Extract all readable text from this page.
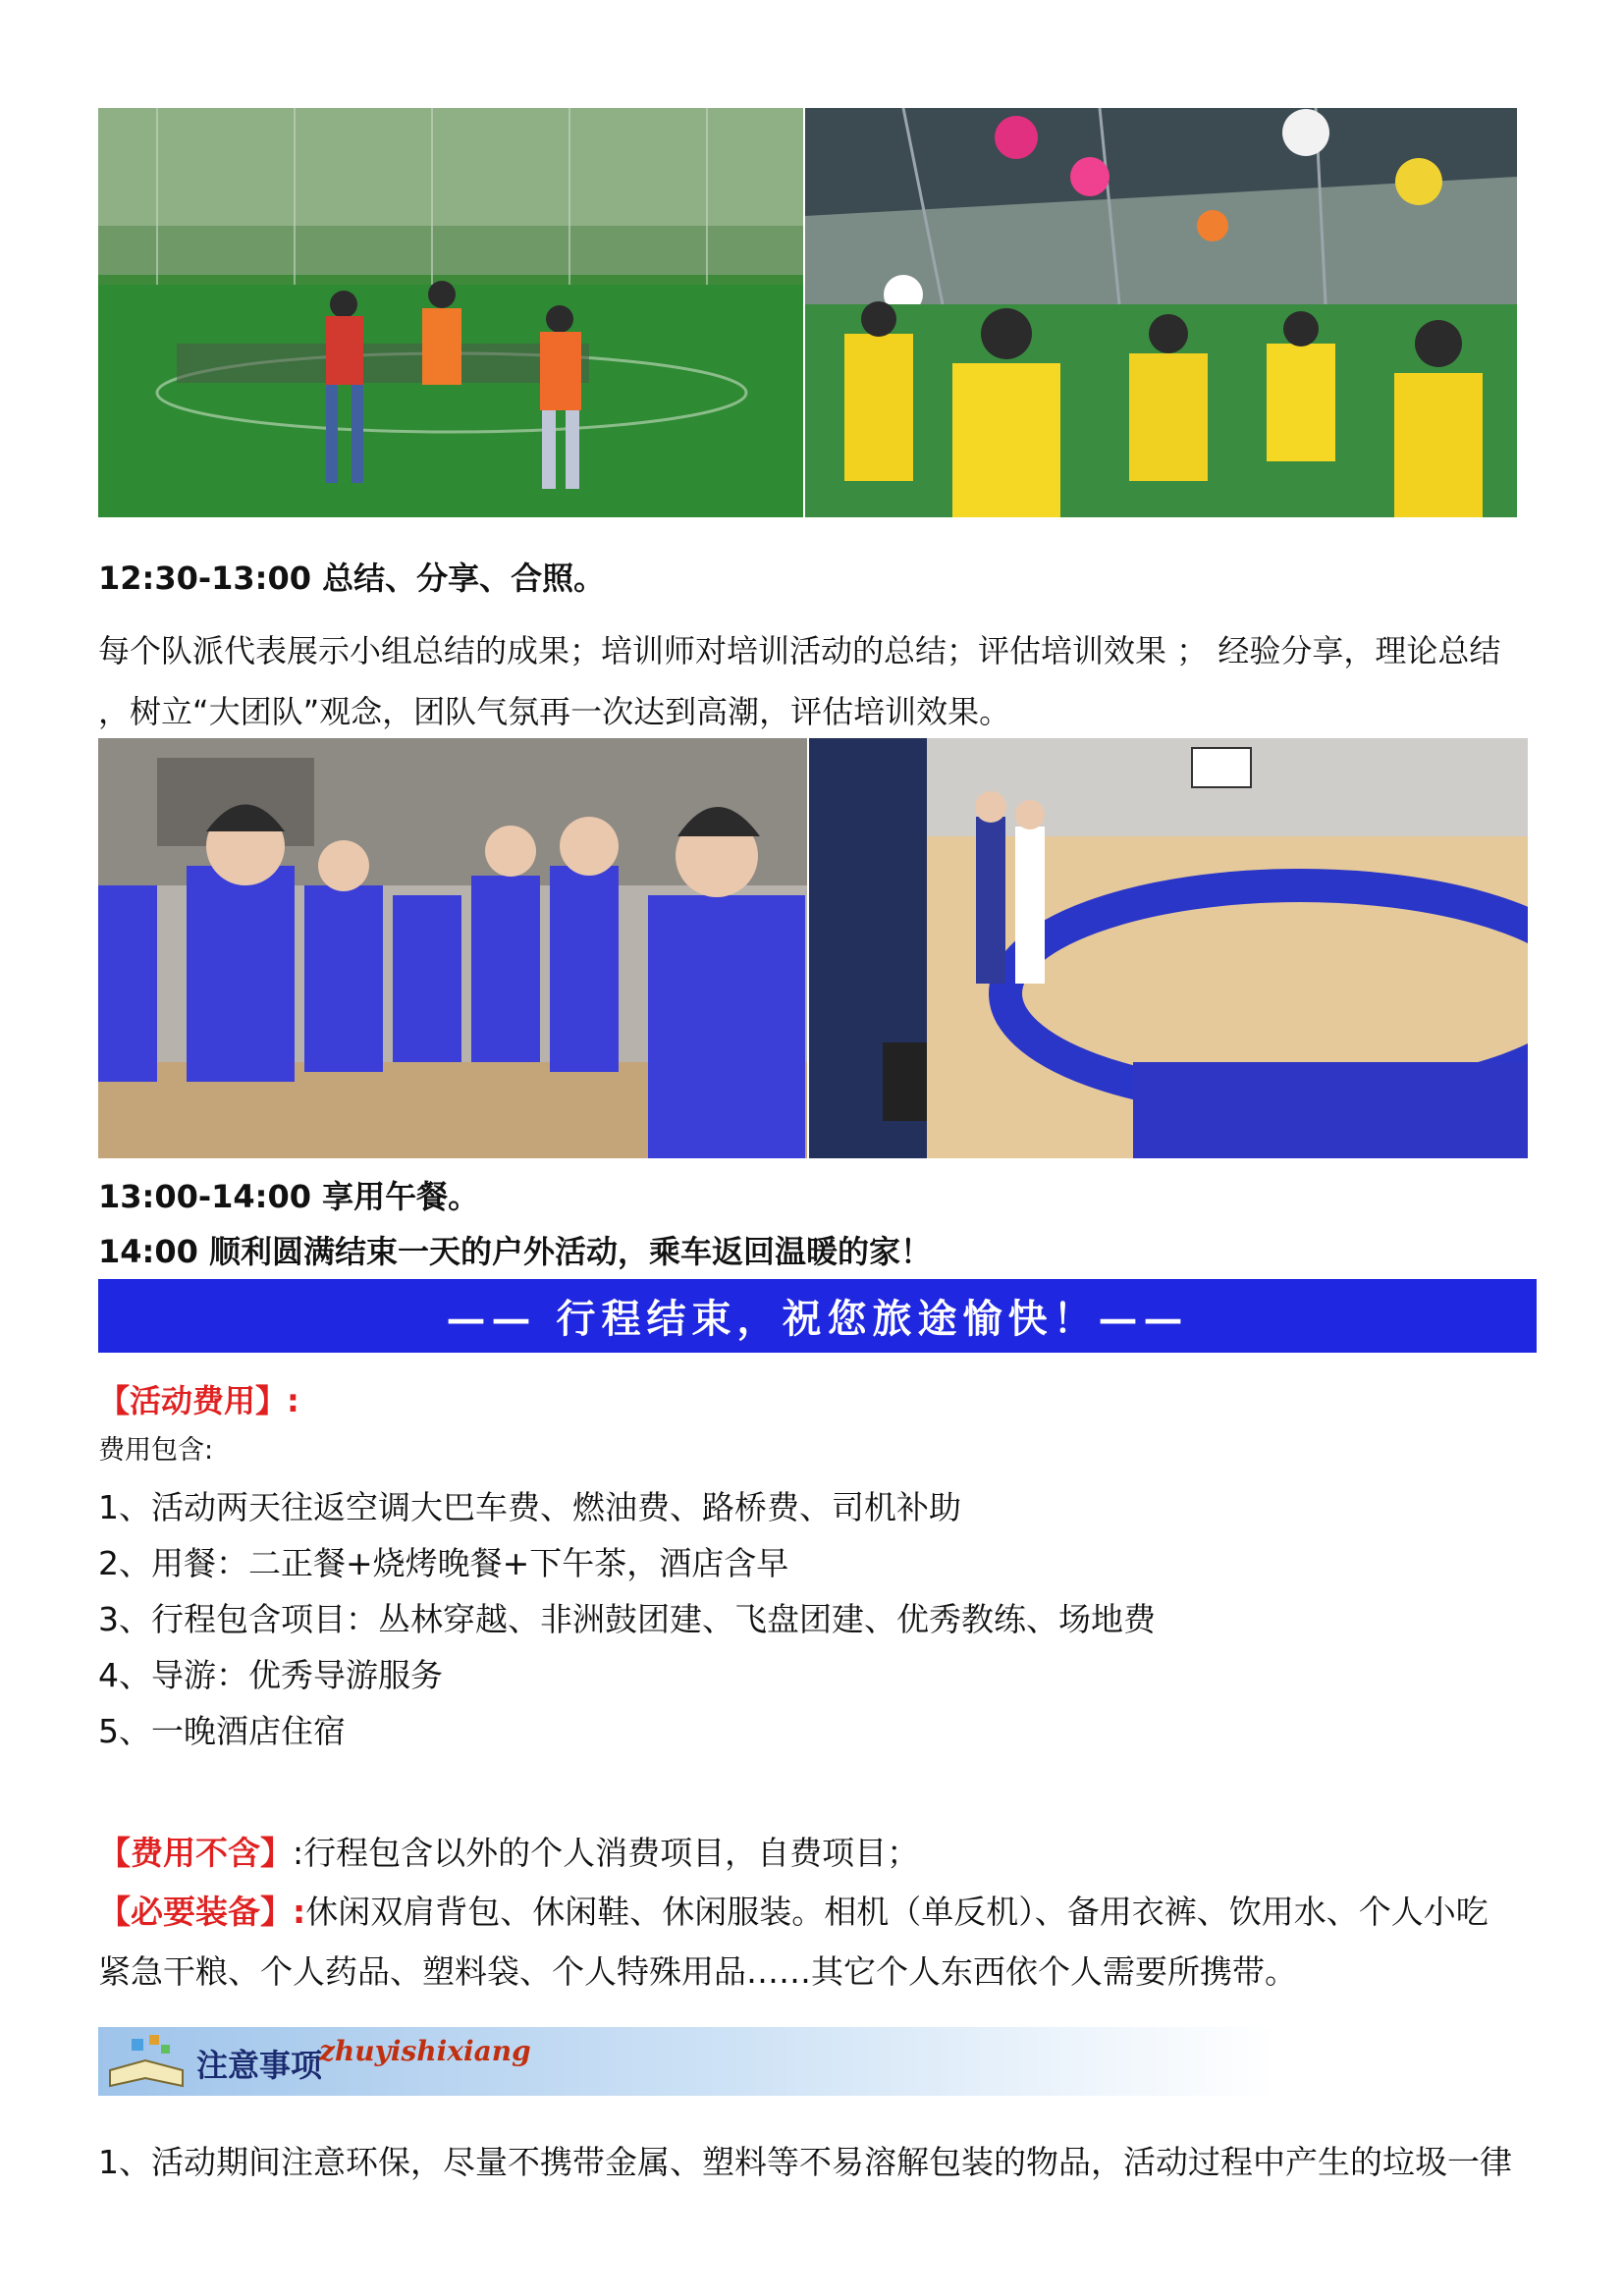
12:30-13:00 总结、分享、合照。
每个队派代表展示小组总结的成果；培训师对培训活动的总结；评估培训效果 ； 经验分享，理论总结 ，树立“大团队”观念，团队气氛再一次达到高潮，评估培训效果。
13:00-14:00 享用午餐。
14:00 顺利圆满结束一天的户外活动，乘车返回温暖的家！
—— 行程结束，祝您旅途愉快！——
【活动费用】:
费用包含:
1、活动两天往返空调大巴车费、燃油费、路桥费、司机补助
2、用餐：二正餐+烧烤晚餐+下午茶，酒店含早
3、行程包含项目：丛林穿越、非洲鼓团建、飞盘团建、优秀教练、场地费
4、导游：优秀导游服务
5、一晚酒店住宿
【费用不含】:行程包含以外的个人消费项目，自费项目；
【必要装备】:休闲双肩背包、休闲鞋、休闲服装。相机（单反机）、备用衣裤、饮用水、个人小吃
紧急干粮、个人药品、塑料袋、个人特殊用品……其它个人东西依个人需要所携带。
注意事项
zhuyishixiang
1、活动期间注意环保，尽量不携带金属、塑料等不易溶解包装的物品，活动过程中产生的垃圾一律
